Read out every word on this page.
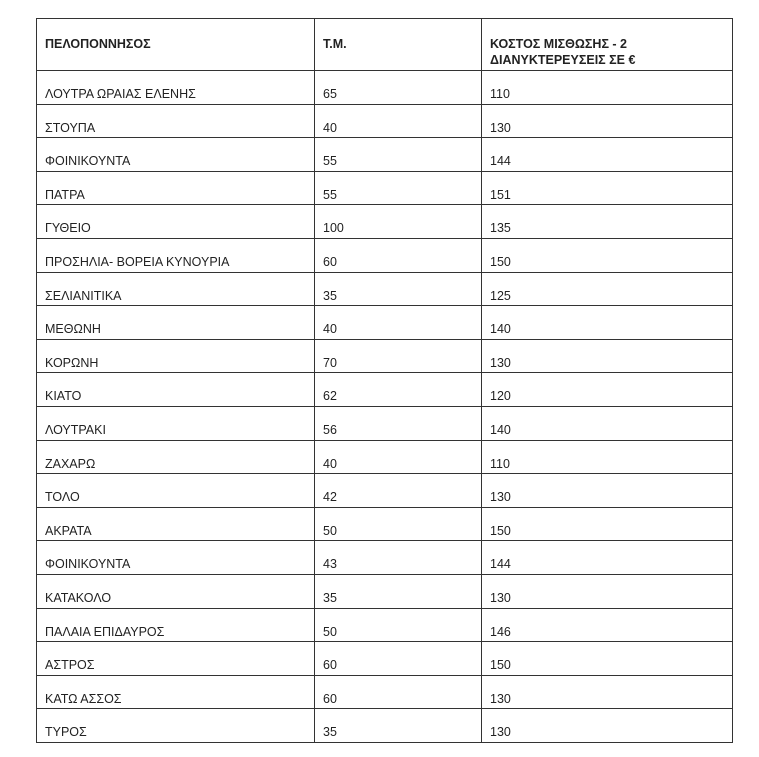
ΠΕΛΟΠΟΝΝΗΣΟΣ	Τ.Μ.	ΚΟΣΤΟΣ ΜΙΣΘΩΣΗΣ - 2 ΔΙΑΝΥΚΤΕΡΕΥΣΕΙΣ ΣΕ €
ΛΟΥΤΡΑ ΩΡΑΙΑΣ ΕΛΕΝΗΣ	65	110
ΣΤΟΥΠΑ	40	130
ΦΟΙΝΙΚΟΥΝΤΑ	55	144
ΠΑΤΡΑ	55	151
ΓΥΘΕΙΟ	100	135
ΠΡΟΣΗΛΙΑ- ΒΟΡΕΙΑ ΚΥΝΟΥΡΙΑ	60	150
ΣΕΛΙΑΝΙΤΙΚΑ	35	125
ΜΕΘΩΝΗ	40	140
ΚΟΡΩΝΗ	70	130
ΚΙΑΤΟ	62	120
ΛΟΥΤΡΑΚΙ	56	140
ΖΑΧΑΡΩ	40	110
ΤΟΛΟ	42	130
ΑΚΡΑΤΑ	50	150
ΦΟΙΝΙΚΟΥΝΤΑ	43	144
ΚΑΤΑΚΟΛΟ	35	130
ΠΑΛΑΙΑ ΕΠΙΔΑΥΡΟΣ	50	146
ΑΣΤΡΟΣ	60	150
ΚΑΤΩ ΑΣΣΟΣ	60	130
ΤΥΡΟΣ	35	130
